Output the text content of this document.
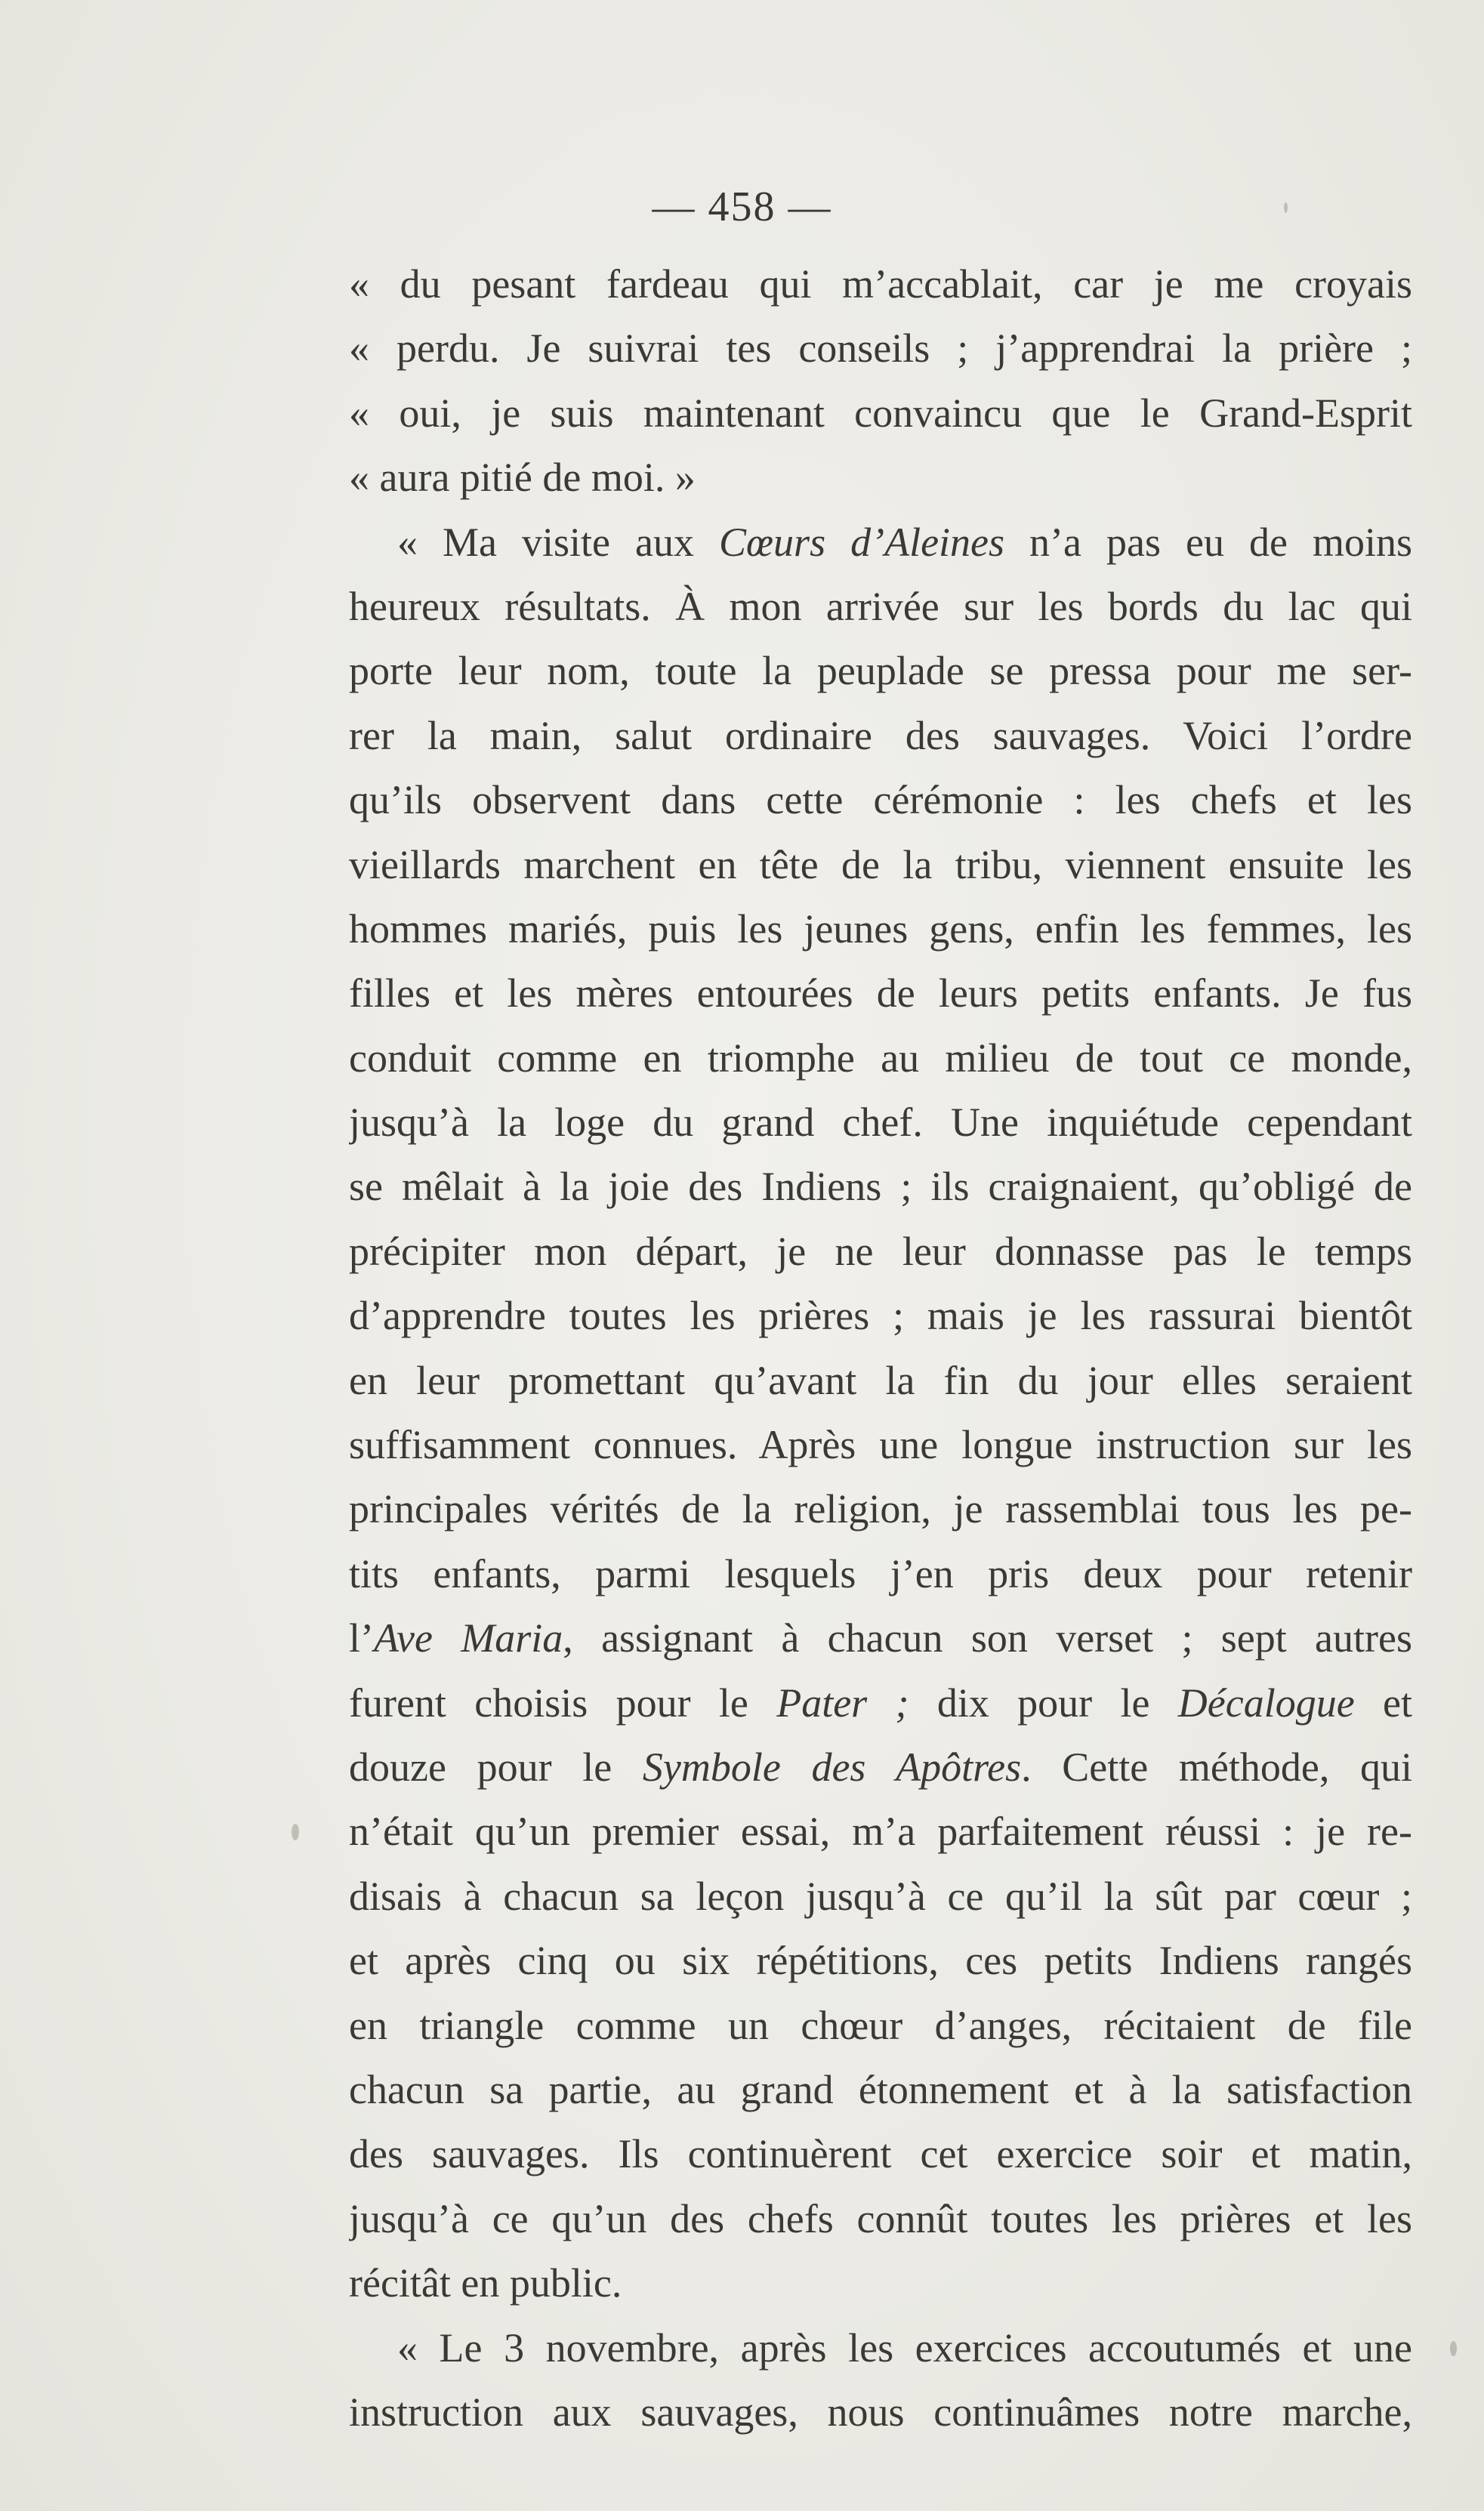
— 458 —
« du pesant fardeau qui m’accablait, car je me croyais
« perdu. Je suivrai tes conseils ; j’apprendrai la prière ;
« oui, je suis maintenant convaincu que le Grand-Esprit
« aura pitié de moi. »
« Ma visite aux Cœurs d’Aleines n’a pas eu de moins
heureux résultats. À mon arrivée sur les bords du lac qui
porte leur nom, toute la peuplade se pressa pour me ser-
rer la main, salut ordinaire des sauvages. Voici l’ordre
qu’ils observent dans cette cérémonie : les chefs et les
vieillards marchent en tête de la tribu, viennent ensuite les
hommes mariés, puis les jeunes gens, enfin les femmes, les
filles et les mères entourées de leurs petits enfants. Je fus
conduit comme en triomphe au milieu de tout ce monde,
jusqu’à la loge du grand chef. Une inquiétude cependant
se mêlait à la joie des Indiens ; ils craignaient, qu’obligé de
précipiter mon départ, je ne leur donnasse pas le temps
d’apprendre toutes les prières ; mais je les rassurai bientôt
en leur promettant qu’avant la fin du jour elles seraient
suffisamment connues. Après une longue instruction sur les
principales vérités de la religion, je rassemblai tous les pe-
tits enfants, parmi lesquels j’en pris deux pour retenir
l’Ave Maria, assignant à chacun son verset ; sept autres
furent choisis pour le Pater ; dix pour le Décalogue et
douze pour le Symbole des Apôtres. Cette méthode, qui
n’était qu’un premier essai, m’a parfaitement réussi : je re-
disais à chacun sa leçon jusqu’à ce qu’il la sût par cœur ;
et après cinq ou six répétitions, ces petits Indiens rangés
en triangle comme un chœur d’anges, récitaient de file
chacun sa partie, au grand étonnement et à la satisfaction
des sauvages. Ils continuèrent cet exercice soir et matin,
jusqu’à ce qu’un des chefs connût toutes les prières et les
récitât en public.
« Le 3 novembre, après les exercices accoutumés et une
instruction aux sauvages, nous continuâmes notre marche,
